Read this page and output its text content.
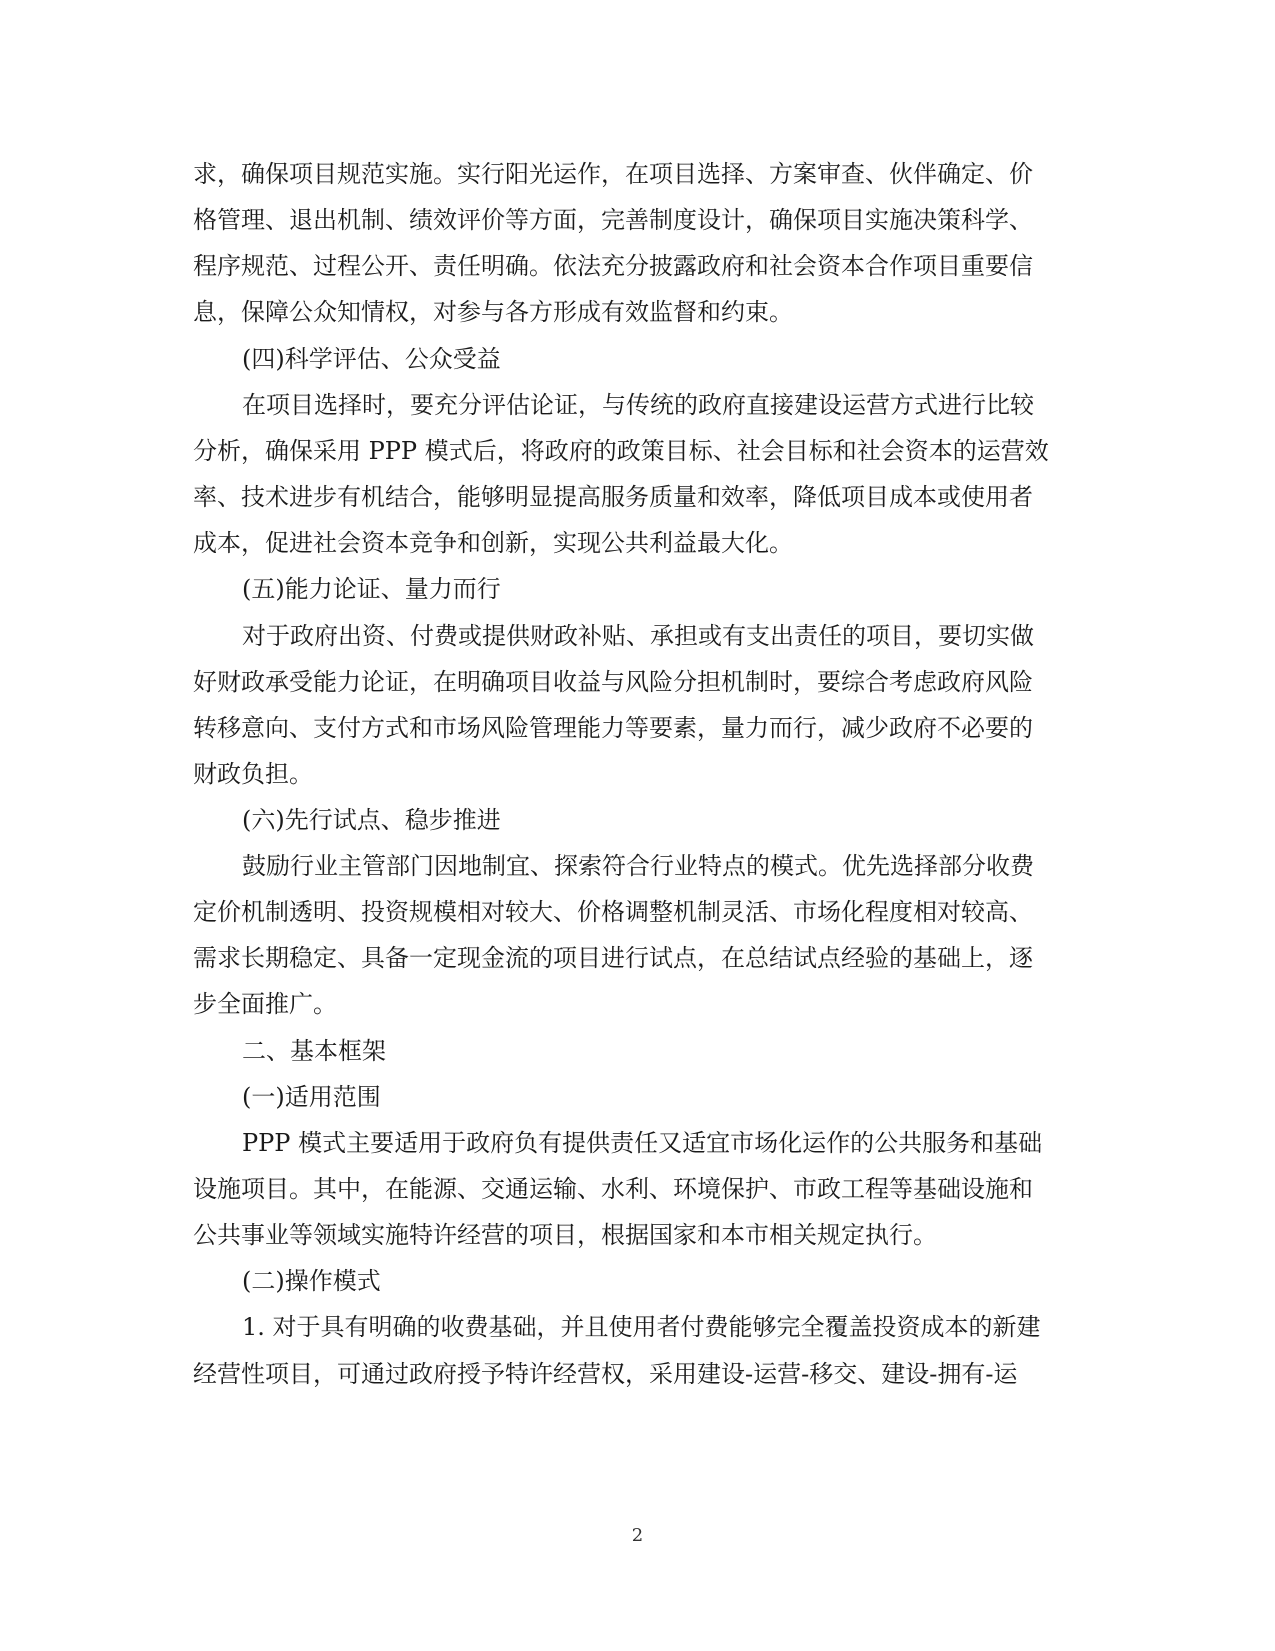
求，确保项目规范实施。实行阳光运作，在项目选择、方案审查、伙伴确定、价

格管理、退出机制、绩效评价等方面，完善制度设计，确保项目实施决策科学、

程序规范、过程公开、责任明确。依法充分披露政府和社会资本合作项目重要信

息，保障公众知情权，对参与各方形成有效监督和约束。

(四)科学评估、公众受益

在项目选择时，要充分评估论证，与传统的政府直接建设运营方式进行比较

分析，确保采用 PPP 模式后，将政府的政策目标、社会目标和社会资本的运营效

率、技术进步有机结合，能够明显提高服务质量和效率，降低项目成本或使用者

成本，促进社会资本竞争和创新，实现公共利益最大化。

(五)能力论证、量力而行

对于政府出资、付费或提供财政补贴、承担或有支出责任的项目，要切实做

好财政承受能力论证，在明确项目收益与风险分担机制时，要综合考虑政府风险

转移意向、支付方式和市场风险管理能力等要素，量力而行，减少政府不必要的

财政负担。

(六)先行试点、稳步推进

鼓励行业主管部门因地制宜、探索符合行业特点的模式。优先选择部分收费

定价机制透明、投资规模相对较大、价格调整机制灵活、市场化程度相对较高、

需求长期稳定、具备一定现金流的项目进行试点，在总结试点经验的基础上，逐

步全面推广。

二、基本框架

(一)适用范围

PPP 模式主要适用于政府负有提供责任又适宜市场化运作的公共服务和基础

设施项目。其中，在能源、交通运输、水利、环境保护、市政工程等基础设施和

公共事业等领域实施特许经营的项目，根据国家和本市相关规定执行。

(二)操作模式

1. 对于具有明确的收费基础，并且使用者付费能够完全覆盖投资成本的新建

经营性项目，可通过政府授予特许经营权，采用建设-运营-移交、建设-拥有-运

2
